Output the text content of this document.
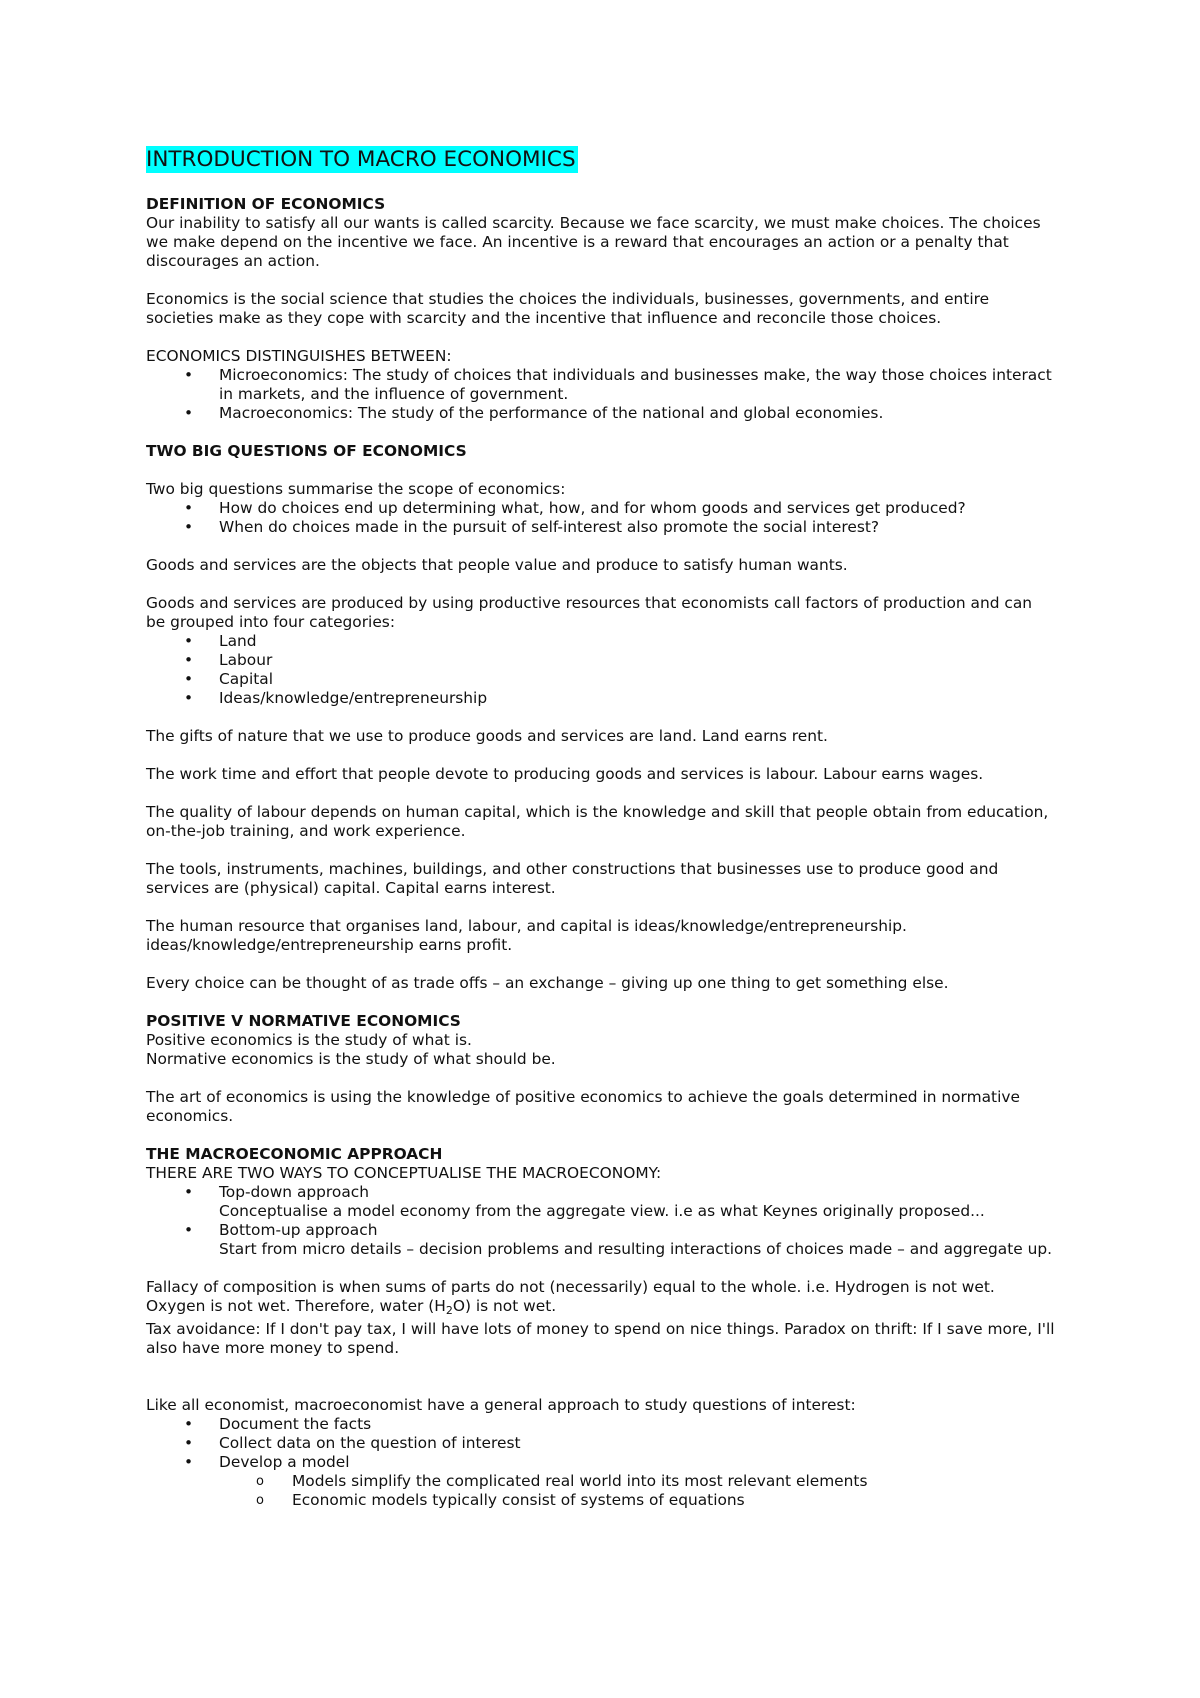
INTRODUCTION TO MACRO ECONOMICS

DEFINITION OF ECONOMICS

Our inability to satisfy all our wants is called scarcity. Because we face scarcity, we must make choices. The choices we make depend on the incentive we face. An incentive is a reward that encourages an action or a penalty that discourages an action.

Economics is the social science that studies the choices the individuals, businesses, governments, and entire societies make as they cope with scarcity and the incentive that influence and reconcile those choices.

ECONOMICS DISTINGUISHES BETWEEN:

•
Microeconomics: The study of choices that individuals and businesses make, the way those choices interact in markets, and the influence of government.
•
Macroeconomics: The study of the performance of the national and global economies.

TWO BIG QUESTIONS OF ECONOMICS

Two big questions summarise the scope of economics:

•
How do choices end up determining what, how, and for whom goods and services get produced?
•
When do choices made in the pursuit of self-interest also promote the social interest?

Goods and services are the objects that people value and produce to satisfy human wants.

Goods and services are produced by using productive resources that economists call factors of production and can be grouped into four categories:

•
Land
•
Labour
•
Capital
•
Ideas/knowledge/entrepreneurship

The gifts of nature that we use to produce goods and services are land. Land earns rent.

The work time and effort that people devote to producing goods and services is labour. Labour earns wages.

The quality of labour depends on human capital, which is the knowledge and skill that people obtain from education, on-the-job training, and work experience.

The tools, instruments, machines, buildings, and other constructions that businesses use to produce good and services are (physical) capital. Capital earns interest.

The human resource that organises land, labour, and capital is ideas/knowledge/entrepreneurship.

ideas/knowledge/entrepreneurship earns profit.

Every choice can be thought of as trade offs – an exchange – giving up one thing to get something else.

POSITIVE V NORMATIVE ECONOMICS

Positive economics is the study of what is.

Normative economics is the study of what should be.

The art of economics is using the knowledge of positive economics to achieve the goals determined in normative economics.

THE MACROECONOMIC APPROACH

THERE ARE TWO WAYS TO CONCEPTUALISE THE MACROECONOMY:

•
Top-down approach
Conceptualise a model economy from the aggregate view. i.e as what Keynes originally proposed...
•
Bottom-up approach
Start from micro details – decision problems and resulting interactions of choices made – and aggregate up.

Fallacy of composition is when sums of parts do not (necessarily) equal to the whole. i.e. Hydrogen is not wet. Oxygen is not wet. Therefore, water $(H_2O)$ is not wet.

Tax avoidance: If I don't pay tax, I will have lots of money to spend on nice things. Paradox on thrift: If I save more, I'll also have more money to spend.

Like all economist, macroeconomist have a general approach to study questions of interest:

•
Document the facts
•
Collect data on the question of interest
•
Develop a model
o
Models simplify the complicated real world into its most relevant elements
o
Economic models typically consist of systems of equations
